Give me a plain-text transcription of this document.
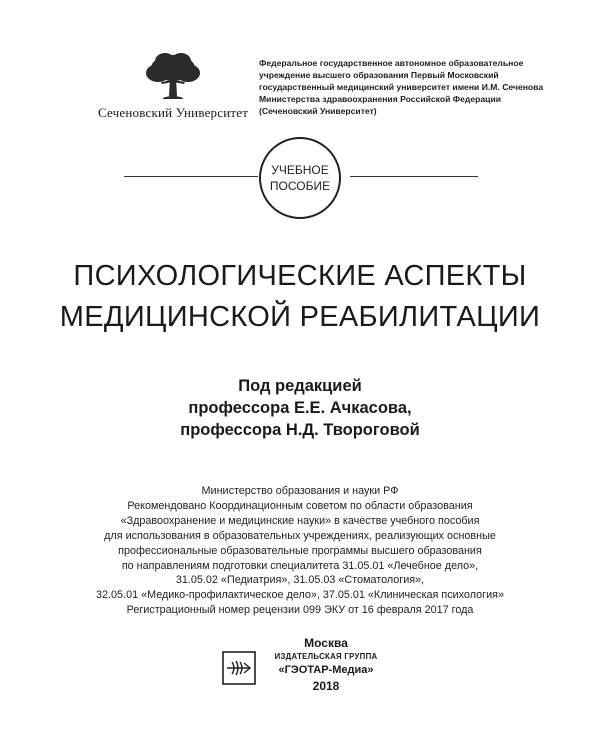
Сеченовский Университет
Федеральное государственное автономное образовательное
учреждение высшего образования Первый Московский
государственный медицинский университет имени И.М. Сеченова
Министерства здравоохранения Российской Федерации
(Сеченовский Университет)
УЧЕБНОЕ
ПОСОБИЕ
ПСИХОЛОГИЧЕСКИЕ АСПЕКТЫ
МЕДИЦИНСКОЙ РЕАБИЛИТАЦИИ
Под редакцией
профессора Е.Е. Ачкасова,
профессора Н.Д. Твороговой
Министерство образования и науки РФ
Рекомендовано Координационным советом по области образования
«Здравоохранение и медицинские науки» в качестве учебного пособия
для использования в образовательных учреждениях, реализующих основные
профессиональные образовательные программы высшего образования
по направлениям подготовки специалитета 31.05.01 «Лечебное дело»,
31.05.02 «Педиатрия», 31.05.03 «Стоматология»,
32.05.01 «Медико-профилактическое дело», 37.05.01 «Клиническая психология»
Регистрационный номер рецензии 099 ЭКУ от 16 февраля 2017 года
Москва
ИЗДАТЕЛЬСКАЯ ГРУППА
«ГЭОТАР-Медиа»
2018
